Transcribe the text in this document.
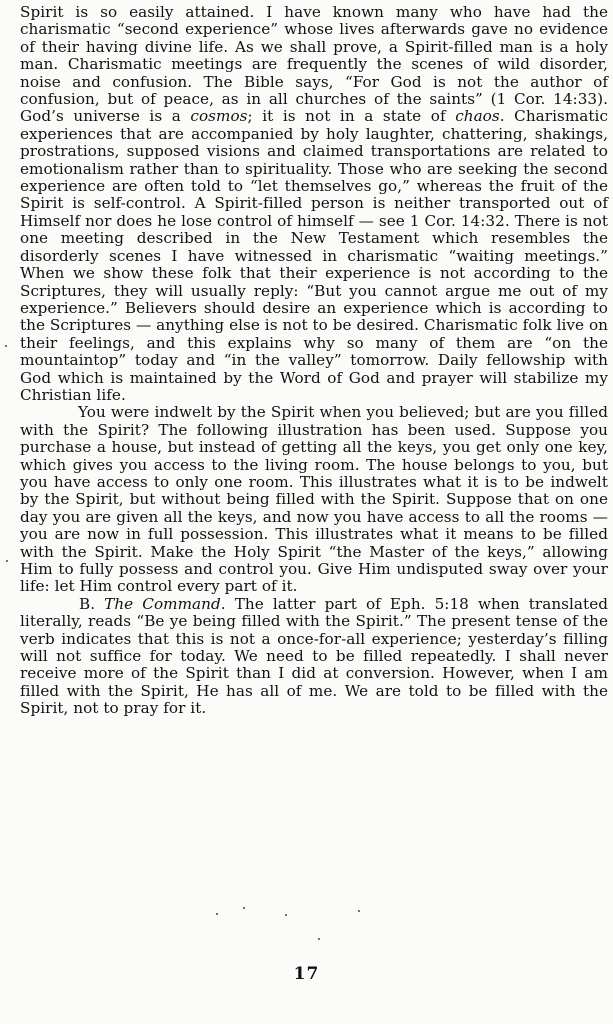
Spirit is so easily attained. I have known many who have had the charismatic “second experience” whose lives afterwards gave no evidence of their having divine life. As we shall prove, a Spirit-filled man is a holy man. Charismatic meetings are frequently the scenes of wild disorder, noise and confusion. The Bible says, “For God is not the author of confusion, but of peace, as in all churches of the saints” (1 Cor. 14:33). God’s universe is a cosmos; it is not in a state of chaos. Charismatic experiences that are accompanied by holy laughter, chattering, shakings, prostrations, supposed visions and claimed transportations are related to emotionalism rather than to spirituality. Those who are seeking the second experience are often told to “let themselves go,” whereas the fruit of the Spirit is self-control. A Spirit-filled person is neither transported out of Himself nor does he lose control of himself — see 1 Cor. 14:32. There is not one meeting described in the New Testament which resembles the disorderly scenes I have witnessed in charismatic “waiting meetings.” When we show these folk that their experience is not according to the Scriptures, they will usually reply: “But you cannot argue me out of my experience.” Believers should desire an experience which is according to the Scriptures — anything else is not to be desired. Charismatic folk live on their feelings, and this explains why so many of them are “on the mountaintop” today and “in the valley” tomorrow. Daily fellowship with God which is maintained by the Word of God and prayer will stabilize my Christian life.

You were indwelt by the Spirit when you believed; but are you filled with the Spirit? The following illustration has been used. Suppose you purchase a house, but instead of getting all the keys, you get only one key, which gives you access to the living room. The house belongs to you, but you have access to only one room. This illustrates what it is to be indwelt by the Spirit, but without being filled with the Spirit. Suppose that on one day you are given all the keys, and now you have access to all the rooms — you are now in full possession. This illustrates what it means to be filled with the Spirit. Make the Holy Spirit “the Master of the keys,” allowing Him to fully possess and control you. Give Him undisputed sway over your life: let Him control every part of it.

B. The Command. The latter part of Eph. 5:18 when translated literally, reads “Be ye being filled with the Spirit.” The present tense of the verb indicates that this is not a once-for-all experience; yesterday’s filling will not suffice for today. We need to be filled repeatedly. I shall never receive more of the Spirit than I did at conversion. However, when I am filled with the Spirit, He has all of me. We are told to be filled with the Spirit, not to pray for it.

17
